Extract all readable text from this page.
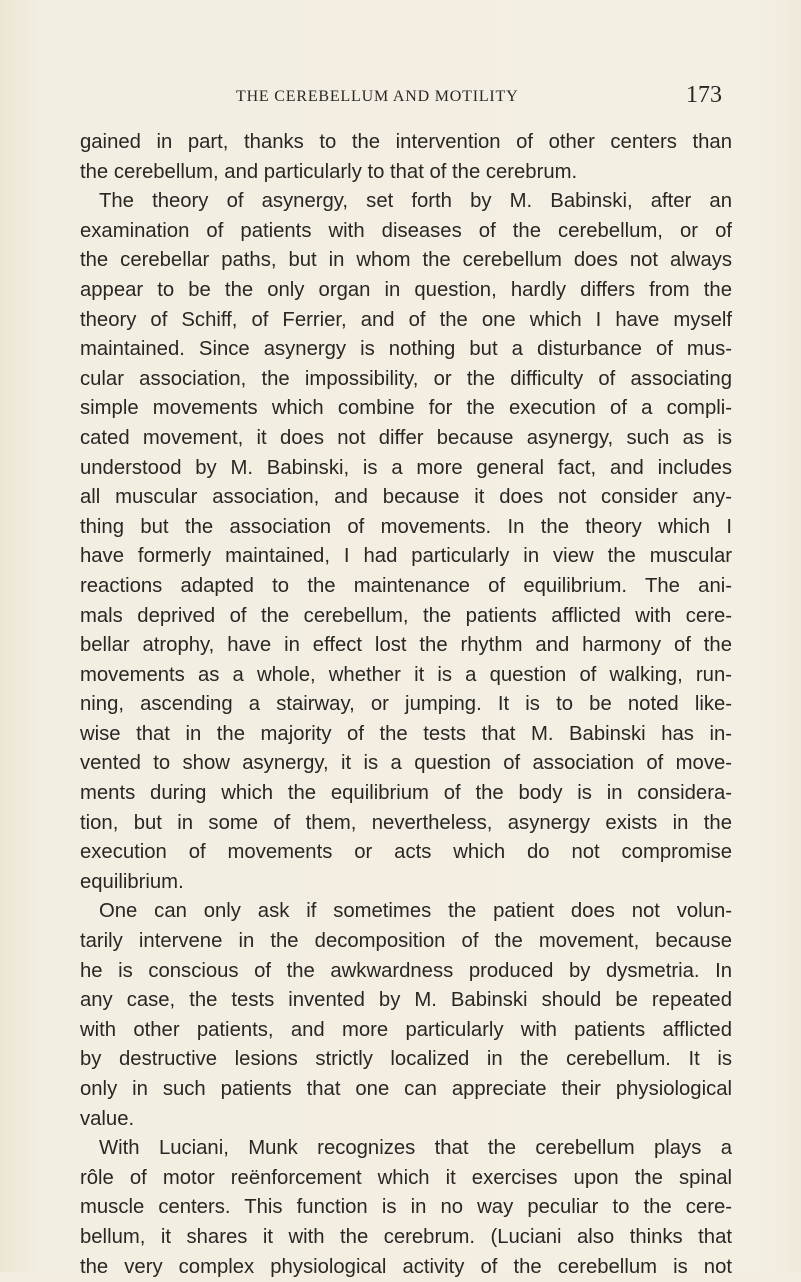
THE CEREBELLUM AND MOTILITY	173
gained in part, thanks to the intervention of other centers than
the cerebellum, and particularly to that of the cerebrum.
The theory of asynergy, set forth by M. Babinski, after an
examination of patients with diseases of the cerebellum, or of
the cerebellar paths, but in whom the cerebellum does not always
appear to be the only organ in question, hardly differs from the
theory of Schiff, of Ferrier, and of the one which I have myself
maintained. Since asynergy is nothing but a disturbance of mus-
cular association, the impossibility, or the difficulty of associating
simple movements which combine for the execution of a compli-
cated movement, it does not differ because asynergy, such as is
understood by M. Babinski, is a more general fact, and includes
all muscular association, and because it does not consider any-
thing but the association of movements. In the theory which I
have formerly maintained, I had particularly in view the muscular
reactions adapted to the maintenance of equilibrium. The ani-
mals deprived of the cerebellum, the patients afflicted with cere-
bellar atrophy, have in effect lost the rhythm and harmony of the
movements as a whole, whether it is a question of walking, run-
ning, ascending a stairway, or jumping. It is to be noted like-
wise that in the majority of the tests that M. Babinski has in-
vented to show asynergy, it is a question of association of move-
ments during which the equilibrium of the body is in considera-
tion, but in some of them, nevertheless, asynergy exists in the
execution of movements or acts which do not compromise
equilibrium.
One can only ask if sometimes the patient does not volun-
tarily intervene in the decomposition of the movement, because
he is conscious of the awkwardness produced by dysmetria. In
any case, the tests invented by M. Babinski should be repeated
with other patients, and more particularly with patients afflicted
by destructive lesions strictly localized in the cerebellum. It is
only in such patients that one can appreciate their physiological
value.
With Luciani, Munk recognizes that the cerebellum plays a
rôle of motor reënforcement which it exercises upon the spinal
muscle centers. This function is in no way peculiar to the cere-
bellum, it shares it with the cerebrum. (Luciani also thinks that
the very complex physiological activity of the cerebellum is not
